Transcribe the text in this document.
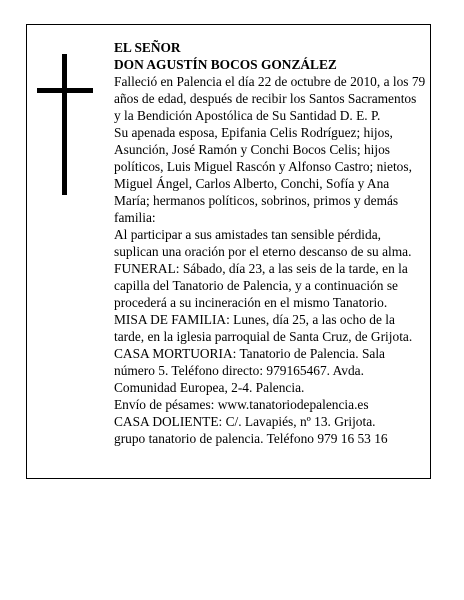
EL SEÑOR

DON AGUSTÍN BOCOS GONZÁLEZ

Falleció en Palencia el día 22 de octubre de 2010, a los 79 años de edad, después de recibir los Santos Sacramentos y la Bendición Apostólica de Su Santidad D. E. P.

Su apenada esposa, Epifania Celis Rodríguez; hijos, Asunción, José Ramón y Conchi Bocos Celis; hijos políticos, Luis Miguel Rascón y Alfonso Castro; nietos, Miguel Ángel, Carlos Alberto, Conchi, Sofía y Ana María; hermanos políticos, sobrinos, primos y demás familia:

Al participar a sus amistades tan sensible pérdida, suplican una oración por el eterno descanso de su alma.

FUNERAL: Sábado, día 23, a las seis de la tarde, en la capilla del Tanatorio de Palencia, y a continuación se procederá a su incineración en el mismo Tanatorio.

MISA DE FAMILIA: Lunes, día 25, a las ocho de la tarde, en la iglesia parroquial de Santa Cruz, de Grijota.

CASA MORTUORIA: Tanatorio de Palencia. Sala número 5. Teléfono directo: 979165467. Avda. Comunidad Europea, 2-4. Palencia.

Envío de pésames: www.tanatoriodepalencia.es

CASA DOLIENTE: C/. Lavapiés, nº 13. Grijota.

grupo tanatorio de palencia. Teléfono 979 16 53 16
